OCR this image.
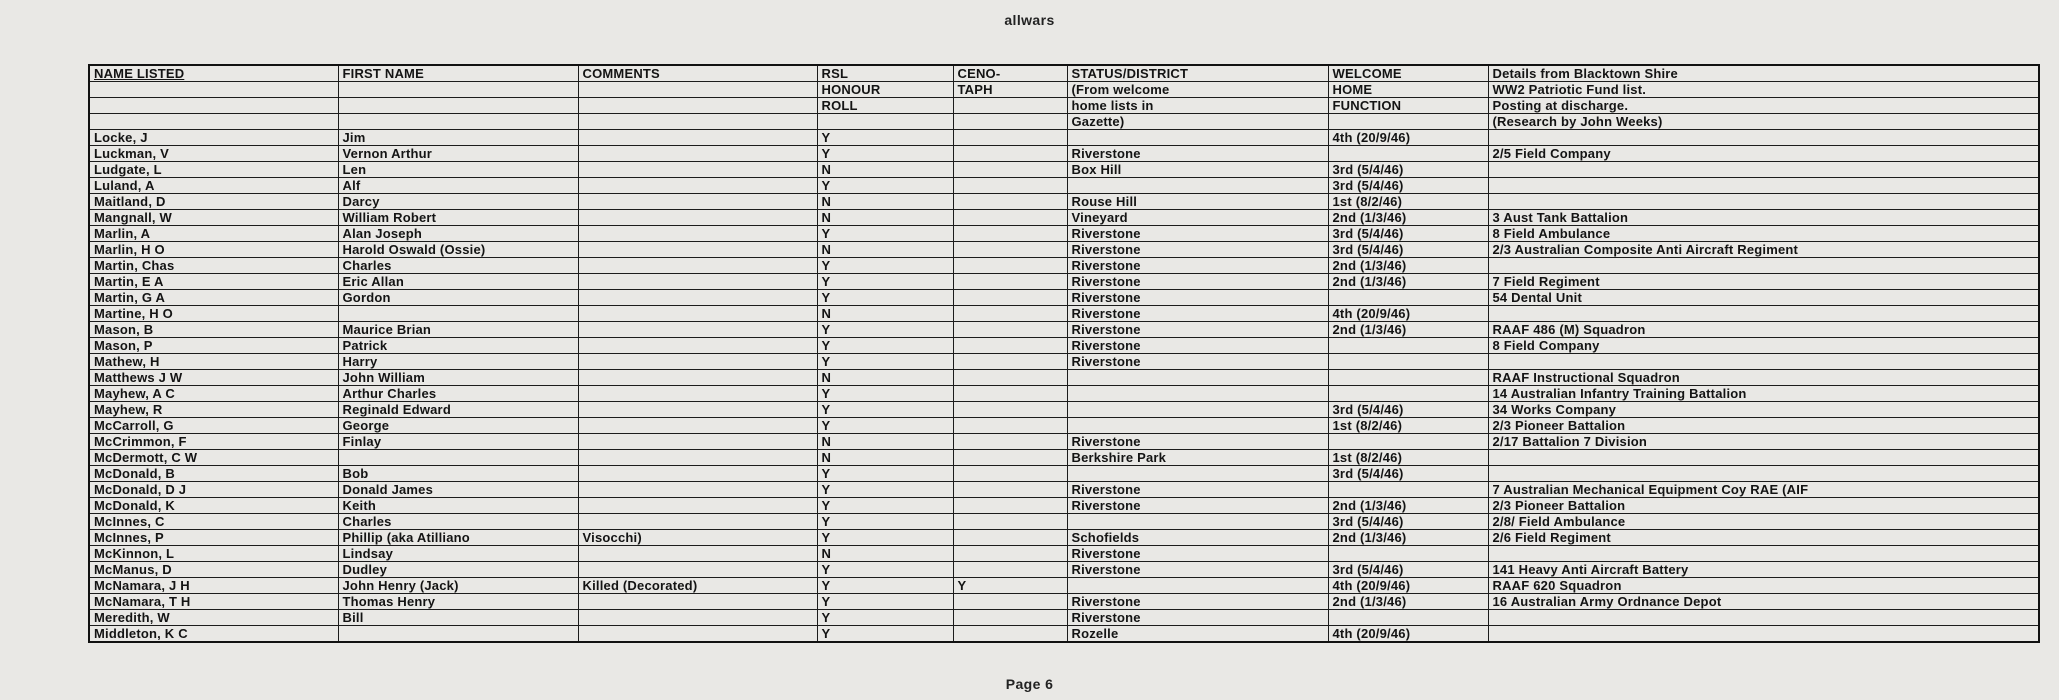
allwars
NAME LISTED	FIRST NAME	COMMENTS	RSL	CENO-	STATUS/DISTRICT	WELCOME	Details from Blacktown Shire
			HONOUR	TAPH	(From welcome	HOME	WW2 Patriotic Fund list.
			ROLL		home lists in	FUNCTION	Posting at discharge.
					Gazette)		(Research by John Weeks)
Locke, J	Jim		Y			4th (20/9/46)	
Luckman, V	Vernon Arthur		Y		Riverstone		2/5 Field Company
Ludgate, L	Len		N		Box Hill	3rd (5/4/46)	
Luland, A	Alf		Y			3rd (5/4/46)	
Maitland, D	Darcy		N		Rouse Hill	1st (8/2/46)	
Mangnall, W	William Robert		N		Vineyard	2nd (1/3/46)	3 Aust Tank Battalion
Marlin, A	Alan Joseph		Y		Riverstone	3rd (5/4/46)	8 Field Ambulance
Marlin, H O	Harold Oswald (Ossie)		N		Riverstone	3rd (5/4/46)	2/3 Australian Composite Anti Aircraft Regiment
Martin, Chas	Charles		Y		Riverstone	2nd (1/3/46)	
Martin, E A	Eric Allan		Y		Riverstone	2nd (1/3/46)	7 Field Regiment
Martin, G A	Gordon		Y		Riverstone		54 Dental Unit
Martine, H O			N		Riverstone	4th (20/9/46)	
Mason, B	Maurice Brian		Y		Riverstone	2nd (1/3/46)	RAAF 486 (M) Squadron
Mason, P	Patrick		Y		Riverstone		8 Field Company
Mathew, H	Harry		Y		Riverstone		
Matthews J W	John William		N				RAAF Instructional Squadron
Mayhew, A C	Arthur Charles		Y				14 Australian Infantry Training Battalion
Mayhew, R	Reginald Edward		Y			3rd (5/4/46)	34 Works Company
McCarroll, G	George		Y			1st (8/2/46)	2/3 Pioneer Battalion
McCrimmon, F	Finlay		N		Riverstone		2/17 Battalion 7 Division
McDermott, C W			N		Berkshire Park	1st (8/2/46)	
McDonald, B	Bob		Y			3rd (5/4/46)	
McDonald, D J	Donald James		Y		Riverstone		7 Australian Mechanical Equipment Coy RAE (AIF
McDonald, K	Keith		Y		Riverstone	2nd (1/3/46)	2/3 Pioneer Battalion
McInnes, C	Charles		Y			3rd (5/4/46)	2/8/ Field Ambulance
McInnes, P	Phillip (aka Atilliano	Visocchi)	Y		Schofields	2nd (1/3/46)	2/6 Field Regiment
McKinnon, L	Lindsay		N		Riverstone		
McManus, D	Dudley		Y		Riverstone	3rd (5/4/46)	141 Heavy Anti Aircraft Battery
McNamara, J H	John Henry (Jack)	Killed (Decorated)	Y	Y		4th (20/9/46)	RAAF 620 Squadron
McNamara, T H	Thomas Henry		Y		Riverstone	2nd (1/3/46)	16 Australian Army Ordnance Depot
Meredith, W	Bill		Y		Riverstone		
Middleton, K C			Y		Rozelle	4th (20/9/46)	
Page 6
